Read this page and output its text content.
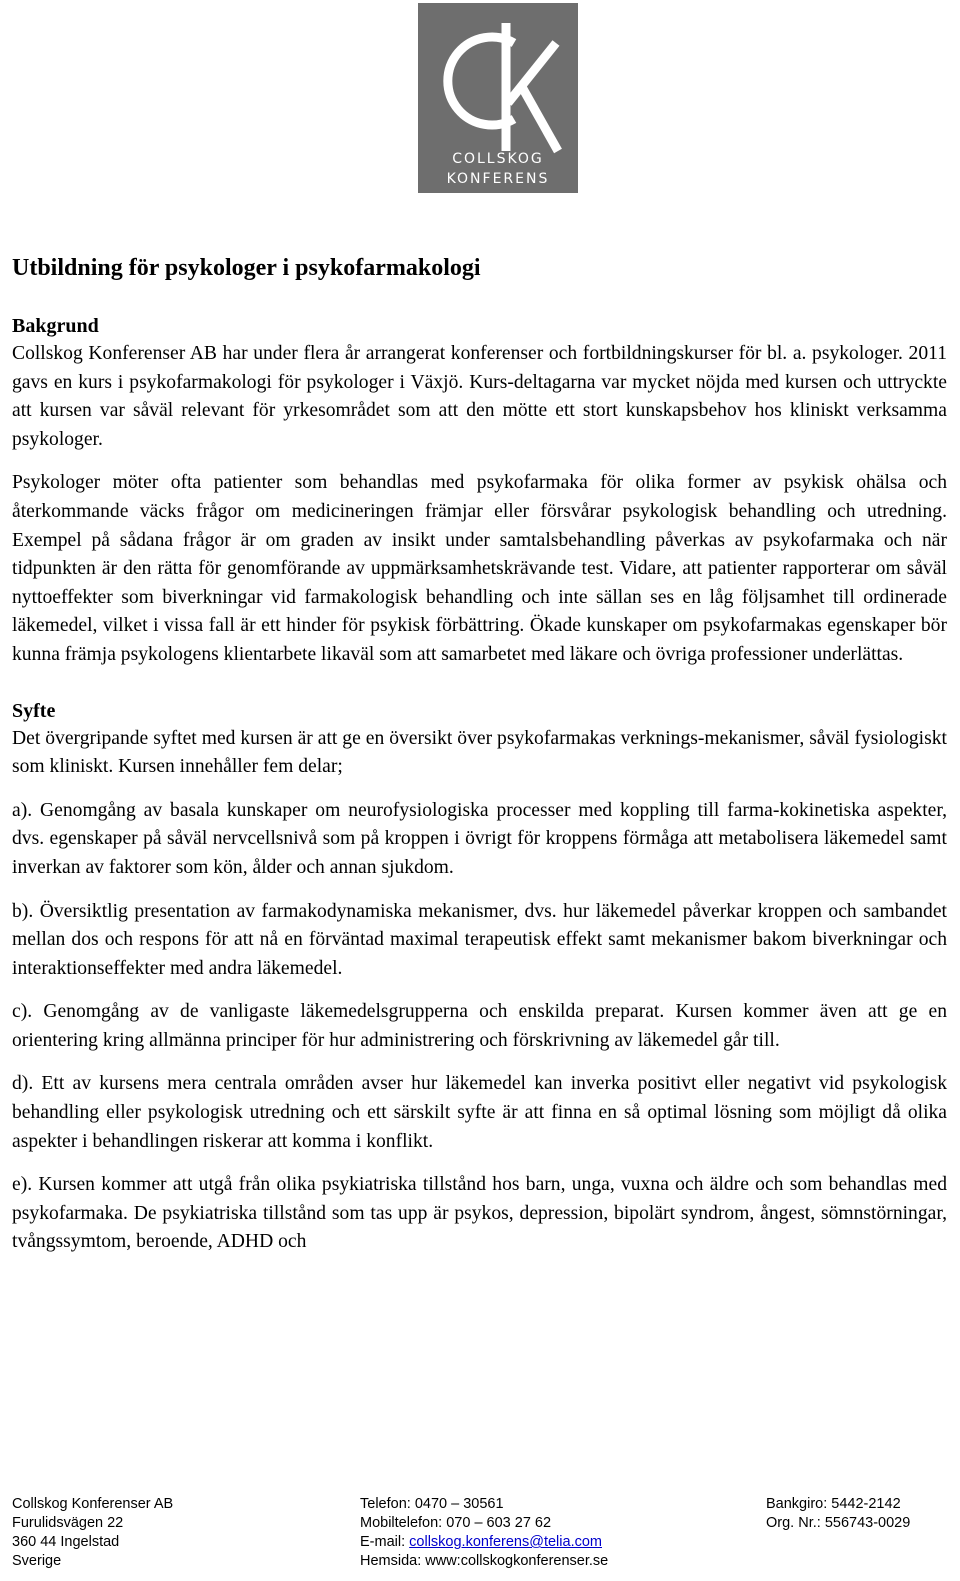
COLLSKOG
KONFERENS
Utbildning för psykologer i psykofarmakologi
Bakgrund

Collskog Konferenser AB har under flera år arrangerat konferenser och fortbildningskurser för bl. a. psykologer. 2011 gavs en kurs i psykofarmakologi för psykologer i Växjö. Kurs-deltagarna var mycket nöjda med kursen och uttryckte att kursen var såväl relevant för yrkesområdet som att den mötte ett stort kunskapsbehov hos kliniskt verksamma psykologer.

Psykologer möter ofta patienter som behandlas med psykofarmaka för olika former av psykisk ohälsa och återkommande väcks frågor om medicineringen främjar eller försvårar psykologisk behandling och utredning. Exempel på sådana frågor är om graden av insikt under samtalsbehandling påverkas av psykofarmaka och när tidpunkten är den rätta för genomförande av uppmärksamhetskrävande test. Vidare, att patienter rapporterar om såväl nyttoeffekter som biverkningar vid farmakologisk behandling och inte sällan ses en låg följsamhet till ordinerade läkemedel, vilket i vissa fall är ett hinder för psykisk förbättring. Ökade kunskaper om psykofarmakas egenskaper bör kunna främja psykologens klientarbete likaväl som att samarbetet med läkare och övriga professioner underlättas.

Syfte

Det övergripande syftet med kursen är att ge en översikt över psykofarmakas verknings-mekanismer, såväl fysiologiskt som kliniskt. Kursen innehåller fem delar;

a). Genomgång av basala kunskaper om neurofysiologiska processer med koppling till farma-kokinetiska aspekter, dvs. egenskaper på såväl nervcellsnivå som på kroppen i övrigt för kroppens förmåga att metabolisera läkemedel samt inverkan av faktorer som kön, ålder och annan sjukdom.

b). Översiktlig presentation av farmakodynamiska mekanismer, dvs. hur läkemedel påverkar kroppen och sambandet mellan dos och respons för att nå en förväntad maximal terapeutisk effekt samt mekanismer bakom biverkningar och interaktionseffekter med andra läkemedel.

c). Genomgång av de vanligaste läkemedelsgrupperna och enskilda preparat. Kursen kommer även att ge en orientering kring allmänna principer för hur administrering och förskrivning av läkemedel går till.

d). Ett av kursens mera centrala områden avser hur läkemedel kan inverka positivt eller negativt vid psykologisk behandling eller psykologisk utredning och ett särskilt syfte är att finna en så optimal lösning som möjligt då olika aspekter i behandlingen riskerar att komma i konflikt.

e). Kursen kommer att utgå från olika psykiatriska tillstånd hos barn, unga, vuxna och äldre och som behandlas med psykofarmaka. De psykiatriska tillstånd som tas upp är psykos, depression, bipolärt syndrom, ångest, sömnstörningar, tvångssymtom, beroende, ADHD och

Collskog Konferenser AB
Furulidsvägen 22
360 44 Ingelstad
Sverige
Telefon: 0470 – 30561
Mobiltelefon: 070 – 603 27 62
E-mail: collskog.konferens@telia.com
Hemsida: www:collskogkonferenser.se
Bankgiro: 5442-2142
Org. Nr.: 556743-0029
